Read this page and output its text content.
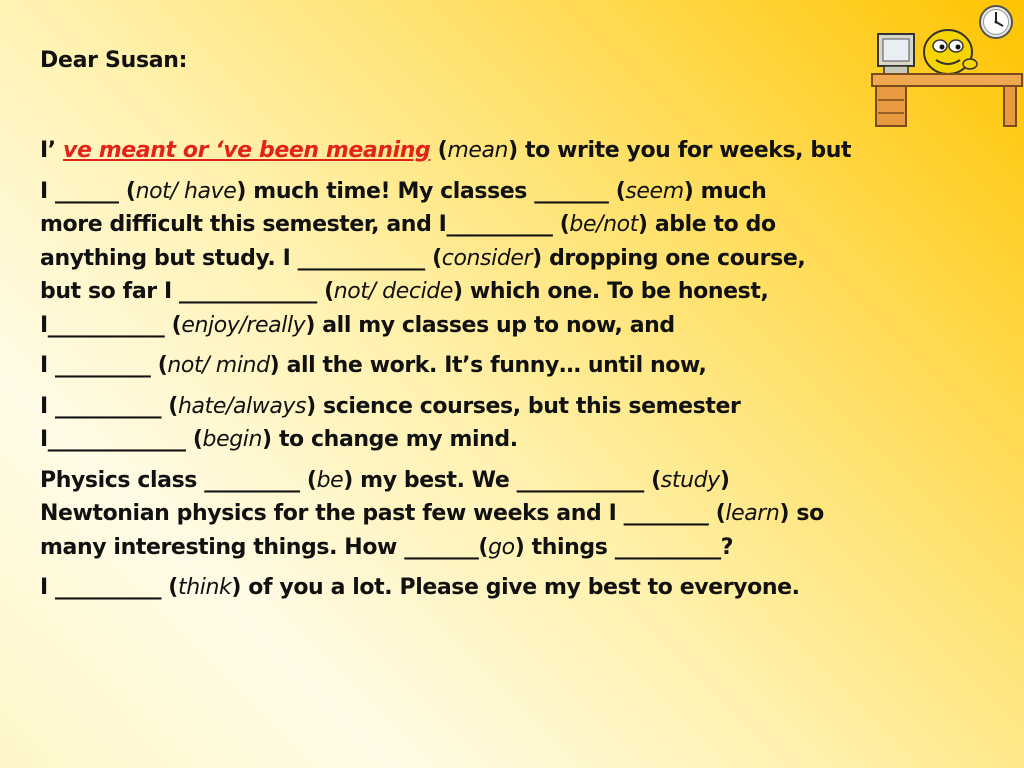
Dear Susan:
I’ ve meant or ‘ve been meaning (mean) to write you for weeks, but
I ______ (not/ have) much time! My classes _______ (seem) much
more difficult this semester, and I__________ (be/not) able to do
anything but study. I ____________ (consider) dropping one course,
but so far I _____________ (not/ decide) which one. To be honest,
I___________ (enjoy/really) all my classes up to now, and
I _________ (not/ mind) all the work. It’s funny… until now,
I __________ (hate/always) science courses, but this semester
I_____________ (begin) to change my mind.
Physics class _________ (be) my best. We ____________ (study)
Newtonian physics for the past few weeks and I ________ (learn) so
many interesting things. How _______(go) things __________?
I __________ (think) of you a lot. Please give my best to everyone.
